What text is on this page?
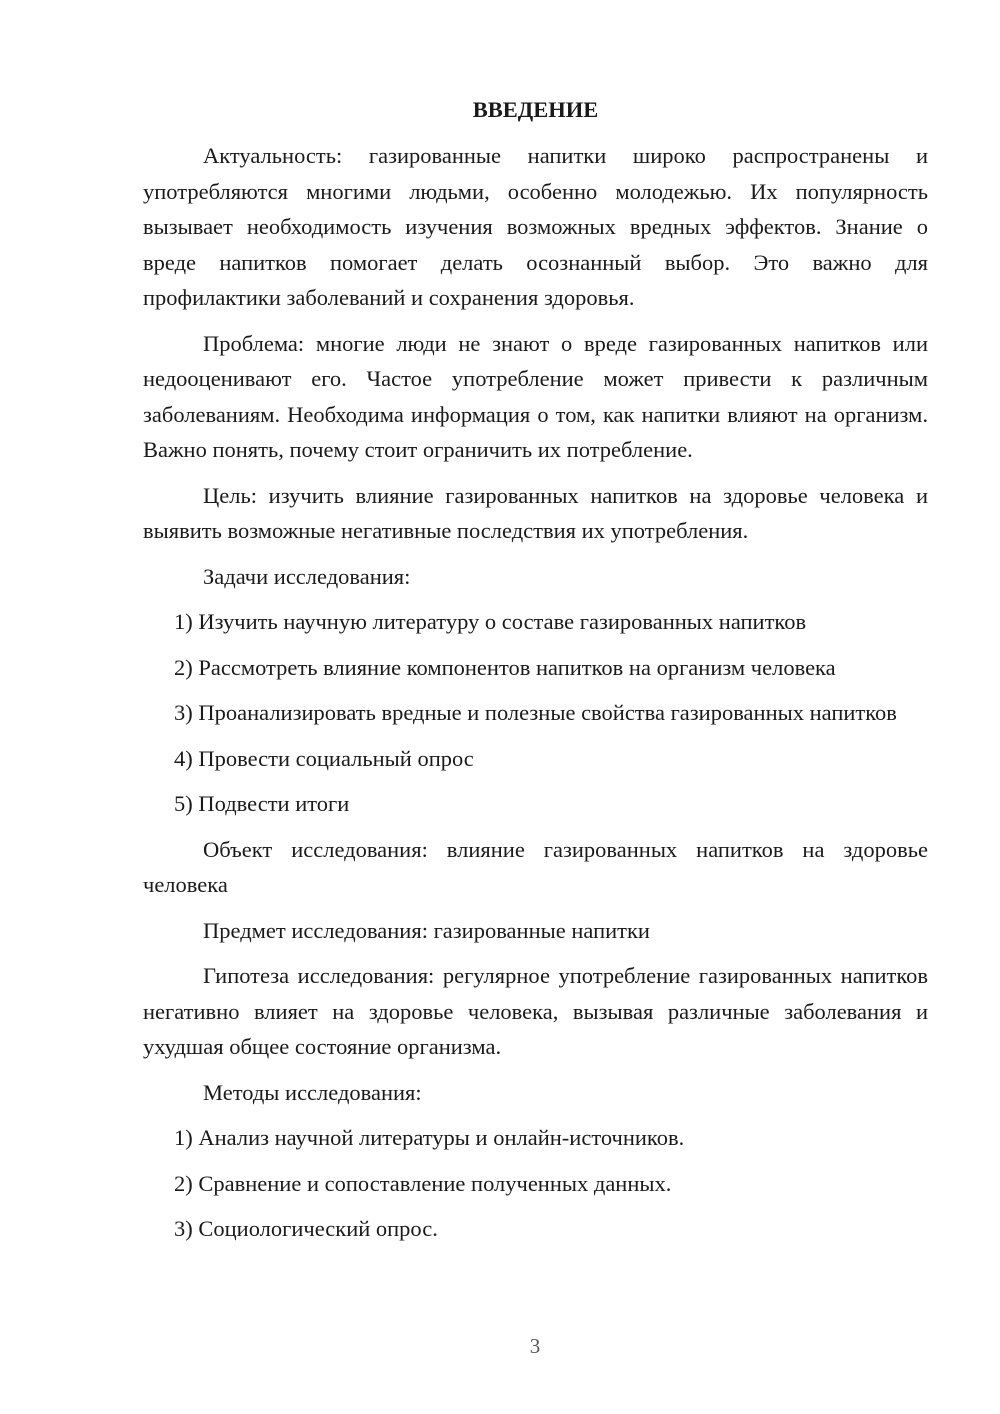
ВВЕДЕНИЕ

Актуальность: газированные напитки широко распространены и употребляются многими людьми, особенно молодежью. Их популярность вызывает необходимость изучения возможных вредных эффектов. Знание о вреде напитков помогает делать осознанный выбор. Это важно для профилактики заболеваний и сохранения здоровья.

Проблема: многие люди не знают о вреде газированных напитков или недооценивают его. Частое употребление может привести к различным заболеваниям. Необходима информация о том, как напитки влияют на организм. Важно понять, почему стоит ограничить их потребление.

Цель: изучить влияние газированных напитков на здоровье человека и выявить возможные негативные последствия их употребления.

Задачи исследования:

1) Изучить научную литературу о составе газированных напитков

2) Рассмотреть влияние компонентов напитков на организм человека

3) Проанализировать вредные и полезные свойства газированных напитков

4) Провести социальный опрос

5) Подвести итоги

Объект исследования: влияние газированных напитков на здоровье человека

Предмет исследования: газированные напитки

Гипотеза исследования: регулярное употребление газированных напитков негативно влияет на здоровье человека, вызывая различные заболевания и ухудшая общее состояние организма.

Методы исследования:

1) Анализ научной литературы и онлайн-источников.

2) Сравнение и сопоставление полученных данных.

3) Социологический опрос.

3
